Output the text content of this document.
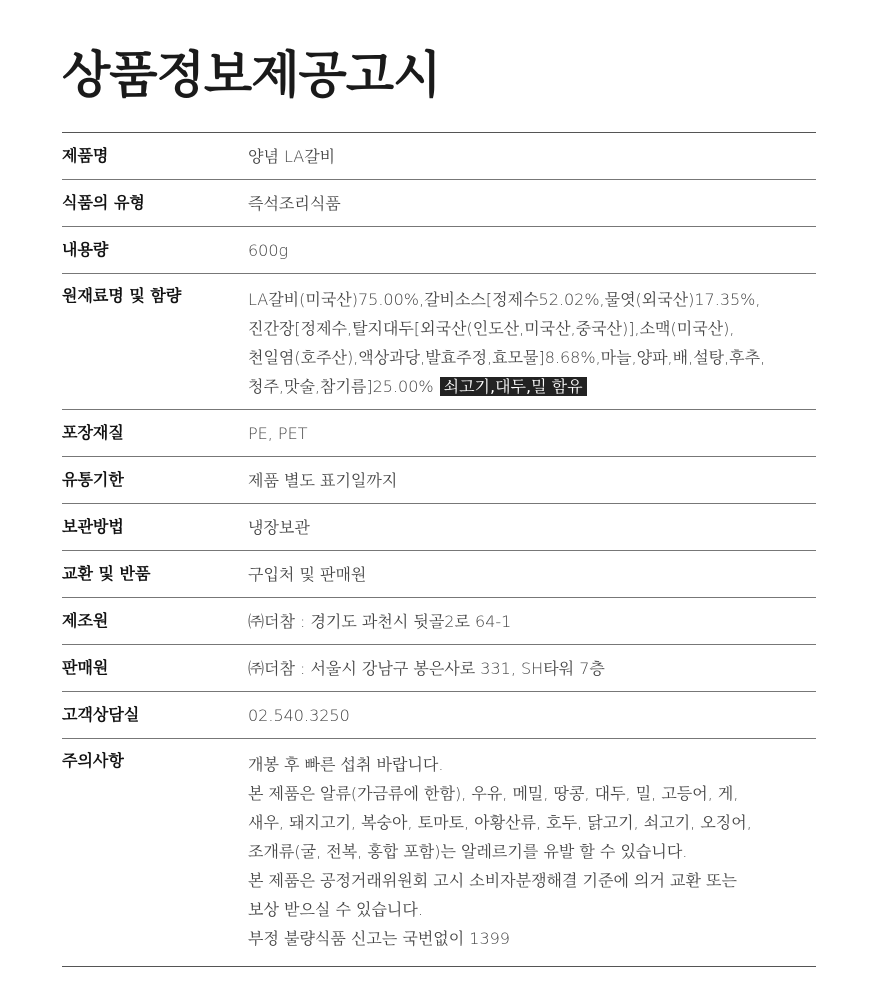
상품정보제공고시
제품명	양념 LA갈비
식품의 유형	즉석조리식품
내용량	600g
원재료명 및 함량	LA갈비(미국산)75.00%,갈비소스[정제수52.02%,물엿(외국산)17.35%,
진간장[정제수,탈지대두[외국산(인도산,미국산,중국산)],소맥(미국산),
천일염(호주산),액상과당,발효주정,효모물]8.68%,마늘,양파,배,설탕,후추,
청주,맛술,참기름]25.00% 쇠고기,대두,밀 함유
포장재질	PE, PET
유통기한	제품 별도 표기일까지
보관방법	냉장보관
교환 및 반품	구입처 및 판매원
제조원	㈜더참 : 경기도 과천시 뒷골2로 64-1
판매원	㈜더참 : 서울시 강남구 봉은사로 331, SH타워 7층
고객상담실	02.540.3250
주의사항	개봉 후 빠른 섭취 바랍니다.
본 제품은 알류(가금류에 한함), 우유, 메밀, 땅콩, 대두, 밀, 고등어, 게,
새우, 돼지고기, 복숭아, 토마토, 아황산류, 호두, 닭고기, 쇠고기, 오징어,
조개류(굴, 전복, 홍합 포함)는 알레르기를 유발 할 수 있습니다.
본 제품은 공정거래위원회 고시 소비자분쟁해결 기준에 의거 교환 또는
보상 받으실 수 있습니다.
부정 불량식품 신고는 국번없이 1399
